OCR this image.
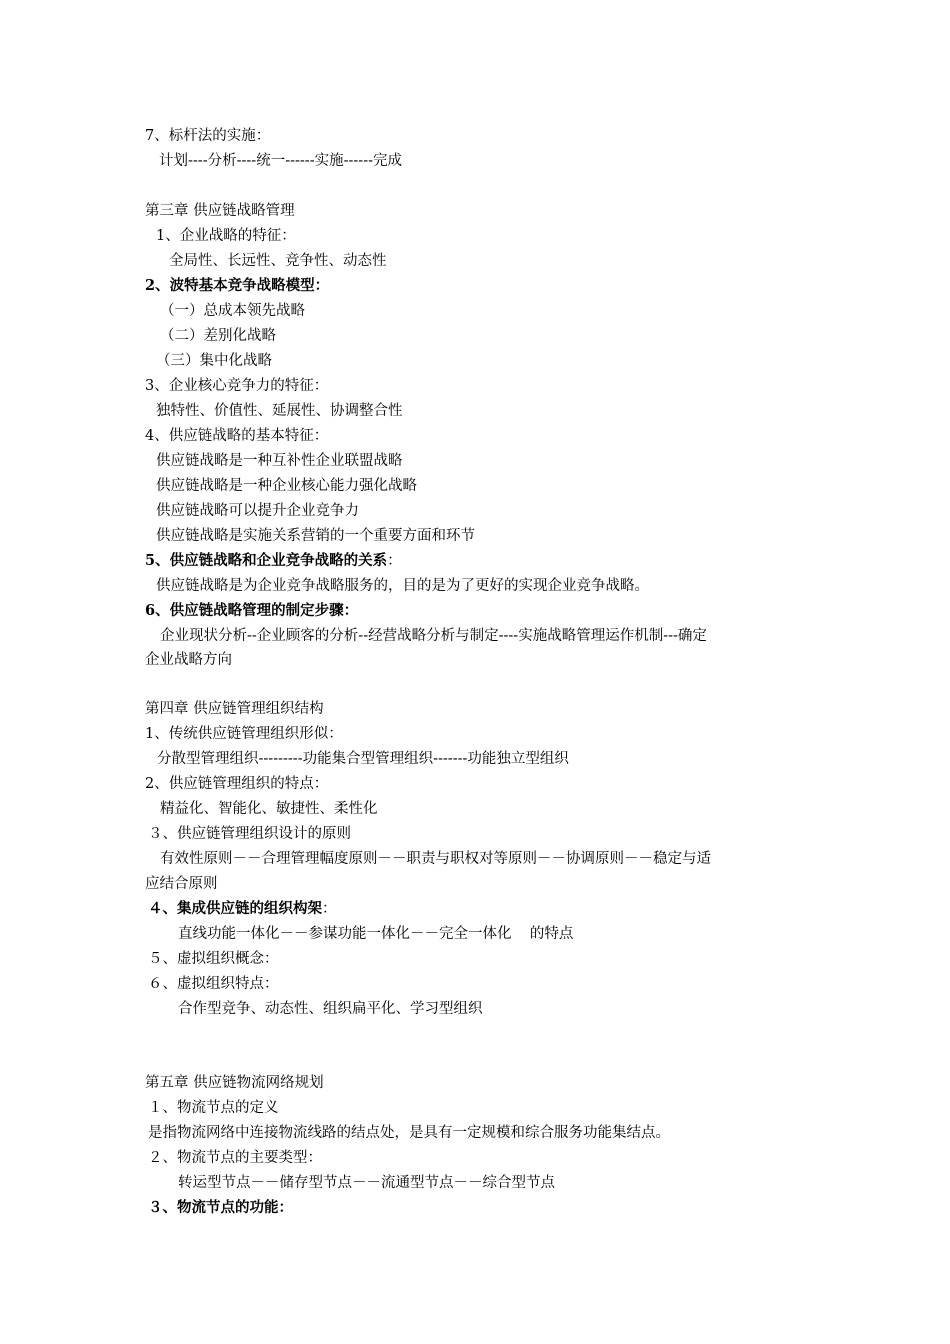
7、标杆法的实施：
计划----分析----统一------实施------完成
第三章 供应链战略管理
1、企业战略的特征：
全局性、长远性、竞争性、动态性
2、波特基本竞争战略模型：
（一）总成本领先战略
（二）差别化战略
（三）集中化战略
3、企业核心竞争力的特征：
独特性、价值性、延展性、协调整合性
4、供应链战略的基本特征：
供应链战略是一种互补性企业联盟战略
供应链战略是一种企业核心能力强化战略
供应链战略可以提升企业竞争力
供应链战略是实施关系营销的一个重要方面和环节
5、供应链战略和企业竞争战略的关系：
供应链战略是为企业竞争战略服务的，目的是为了更好的实现企业竞争战略。
6、供应链战略管理的制定步骤：
企业现状分析--企业顾客的分析--经营战略分析与制定----实施战略管理运作机制---确定
企业战略方向
第四章 供应链管理组织结构
1、传统供应链管理组织形似：
分散型管理组织---------功能集合型管理组织-------功能独立型组织
2、供应链管理组织的特点：
精益化、智能化、敏捷性、柔性化
３、供应链管理组织设计的原则
有效性原则－－合理管理幅度原则－－职责与职权对等原则－－协调原则－－稳定与适
应结合原则
４、集成供应链的组织构架：
直线功能一体化－－参谋功能一体化－－完全一体化    的特点
５、虚拟组织概念：
６、虚拟组织特点：
合作型竞争、动态性、组织扁平化、学习型组织
第五章 供应链物流网络规划
１、物流节点的定义
是指物流网络中连接物流线路的结点处，是具有一定规模和综合服务功能集结点。
２、物流节点的主要类型：
转运型节点－－储存型节点－－流通型节点－－综合型节点
３、物流节点的功能：
